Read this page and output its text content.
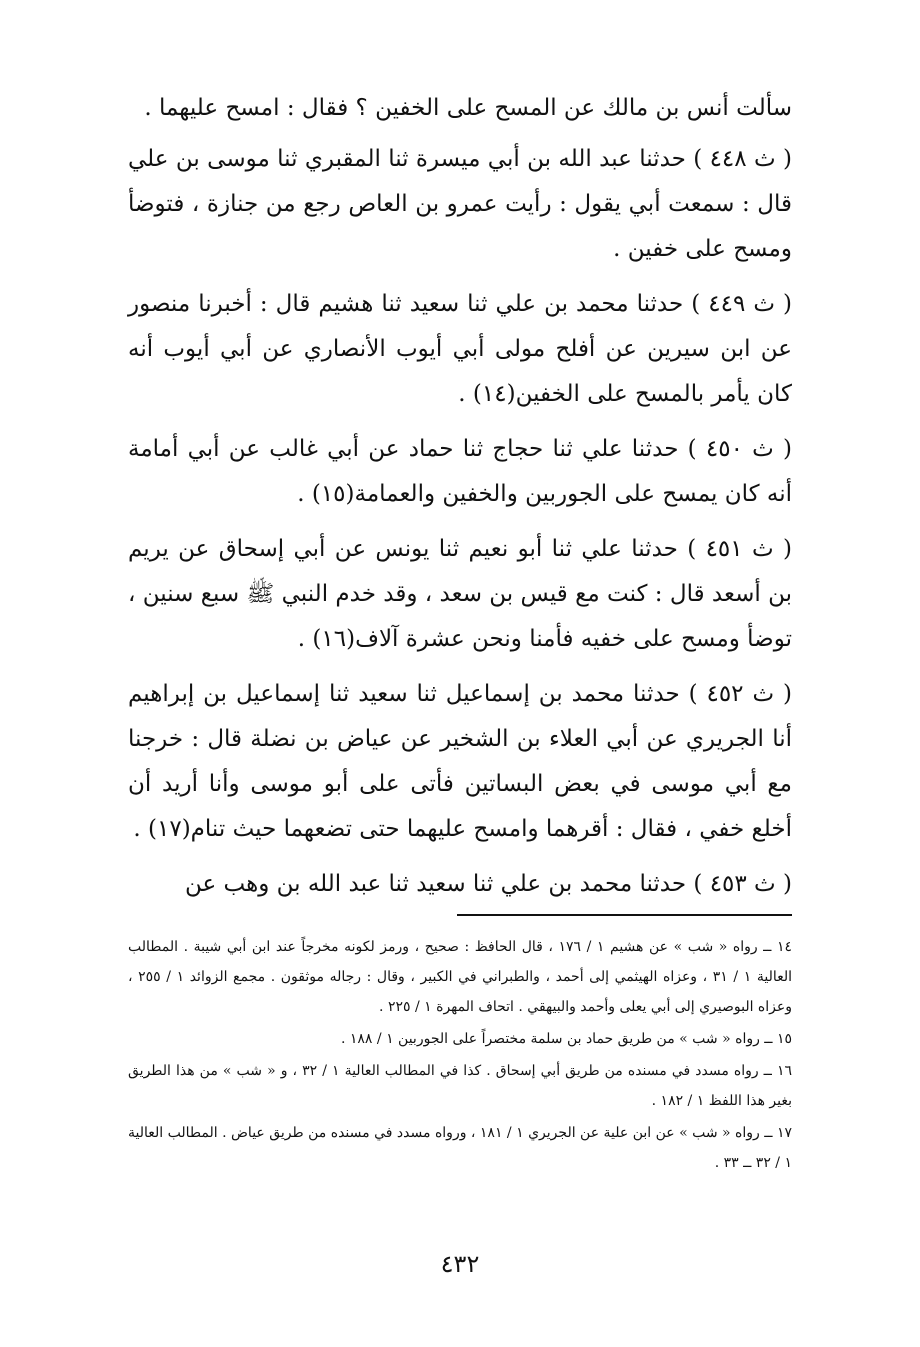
سألت أنس بن مالك عن المسح على الخفين ؟ فقال : امسح عليهما .

( ث ٤٤٨ ) حدثنا عبد الله بن أبي ميسرة ثنا المقبري ثنا موسى بن علي قال : سمعت أبي يقول : رأيت عمرو بن العاص رجع من جنازة ، فتوضأ ومسح على خفين .

( ث ٤٤٩ ) حدثنا محمد بن علي ثنا سعيد ثنا هشيم قال : أخبرنا منصور عن ابن سيرين عن أفلح مولى أبي أيوب الأنصاري عن أبي أيوب أنه كان يأمر بالمسح على الخفين(١٤) .

( ث ٤٥٠ ) حدثنا علي ثنا حجاج ثنا حماد عن أبي غالب عن أبي أمامة أنه كان يمسح على الجوربين والخفين والعمامة(١٥) .

( ث ٤٥١ ) حدثنا علي ثنا أبو نعيم ثنا يونس عن أبي إسحاق عن يريم بن أسعد قال : كنت مع قيس بن سعد ، وقد خدم النبي ﷺ سبع سنين ، توضأ ومسح على خفيه فأمنا ونحن عشرة آلاف(١٦) .

( ث ٤٥٢ ) حدثنا محمد بن إسماعيل ثنا سعيد ثنا إسماعيل بن إبراهيم أنا الجريري عن أبي العلاء بن الشخير عن عياض بن نضلة قال : خرجنا مع أبي موسى في بعض البساتين فأتى على أبو موسى وأنا أريد أن أخلع خفي ، فقال : أقرهما وامسح عليهما حتى تضعهما حيث تنام(١٧) .

( ث ٤٥٣ ) حدثنا محمد بن علي ثنا سعيد ثنا عبد الله بن وهب عن

١٤ ــ رواه « شب » عن هشيم ١ / ١٧٦ ، قال الحافظ : صحيح ، ورمز لكونه مخرجاً عند ابن أبي شيبة . المطالب العالية ١ / ٣١ ، وعزاه الهيثمي إلى أحمد ، والطبراني في الكبير ، وقال : رجاله موثقون . مجمع الزوائد ١ / ٢٥٥ ، وعزاه البوصيري إلى أبي يعلى وأحمد والبيهقي . اتحاف المهرة ١ / ٢٢٥ .

١٥ ــ رواه « شب » من طريق حماد بن سلمة مختصراً على الجوربين ١ / ١٨٨ .

١٦ ــ رواه مسدد في مسنده من طريق أبي إسحاق . كذا في المطالب العالية ١ / ٣٢ ، و « شب » من هذا الطريق بغير هذا اللفظ ١ / ١٨٢ .

١٧ ــ رواه « شب » عن ابن علية عن الجريري ١ / ١٨١ ، ورواه مسدد في مسنده من طريق عياض . المطالب العالية ١ / ٣٢ ــ ٣٣ .

٤٣٢
